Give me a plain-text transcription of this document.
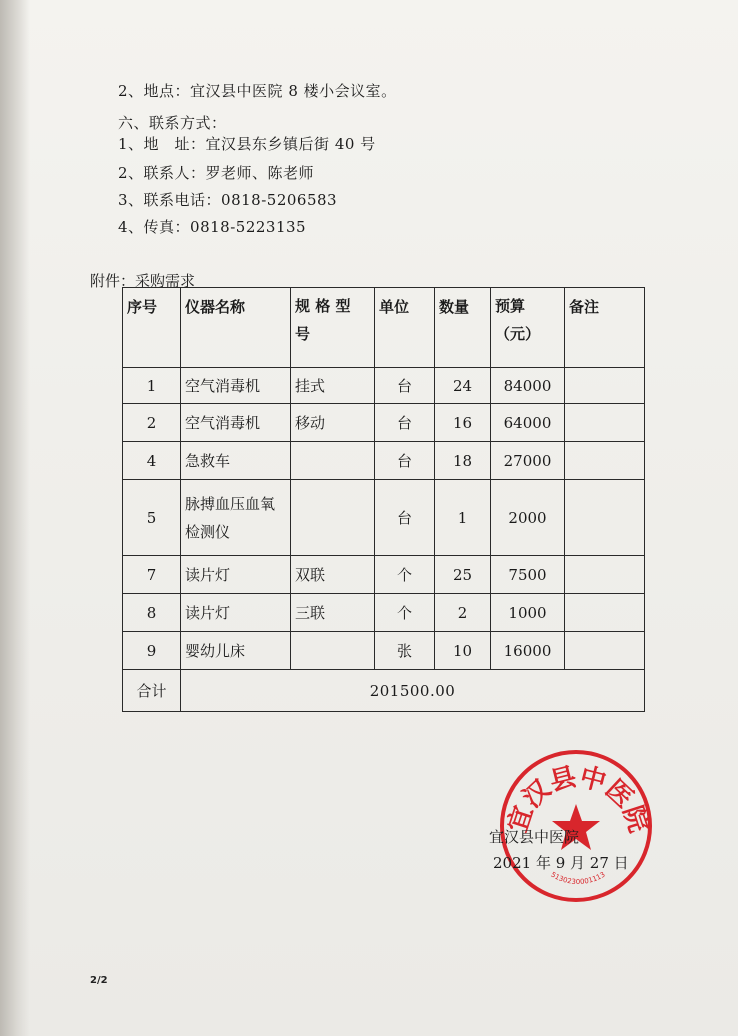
2、地点：宜汉县中医院 8 楼小会议室。
六、联系方式：
1、地　址：宜汉县东乡镇后街 40 号
2、联系人：罗老师、陈老师
3、联系电话：0818-5206583
4、传真：0818-5223135
附件：采购需求
序号	仪器名称	规 格 型 号	单位	数量	预算（元）	备注
1	空气消毒机	挂式	台	24	84000	
2	空气消毒机	移动	台	16	64000	
4	急救车		台	18	27000	
5	脉搏血压血氧检测仪		台	1	2000	
7	读片灯	双联	个	25	7500	
8	读片灯	三联	个	2	1000	
9	婴幼儿床		张	10	16000	
合计	201500.00					
宜汉县中医院
5130230001113
宜汉县中医院
2021 年 9 月 27 日
2/2
